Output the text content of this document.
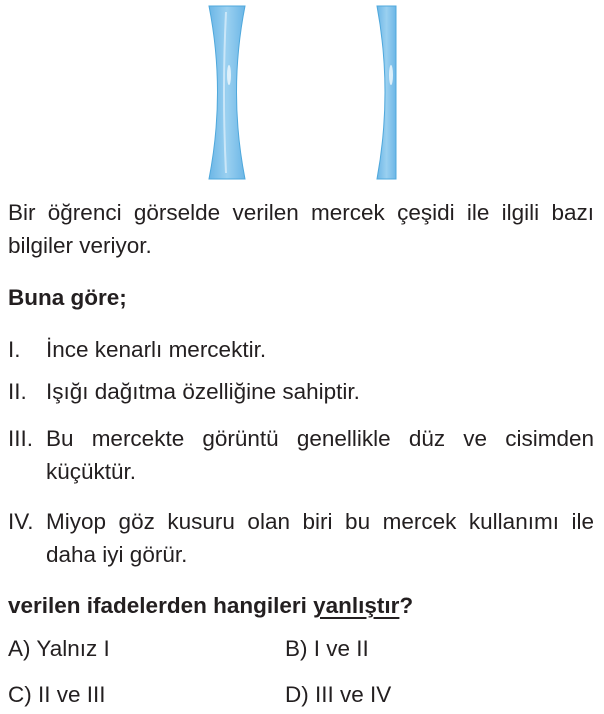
Bir öğrenci görselde verilen mercek çeşidi ile ilgili bazı bilgiler veriyor.
Buna göre;
I. İnce kenarlı mercektir.
II. Işığı dağıtma özelliğine sahiptir.
III. Bu mercekte görüntü genellikle düz ve cisimden küçüktür.
IV. Miyop göz kusuru olan biri bu mercek kullanımı ile daha iyi görür.
verilen ifadelerden hangileri yanlıştır?
A) Yalnız I	B) I ve II
C) II ve III	D) III ve IV
